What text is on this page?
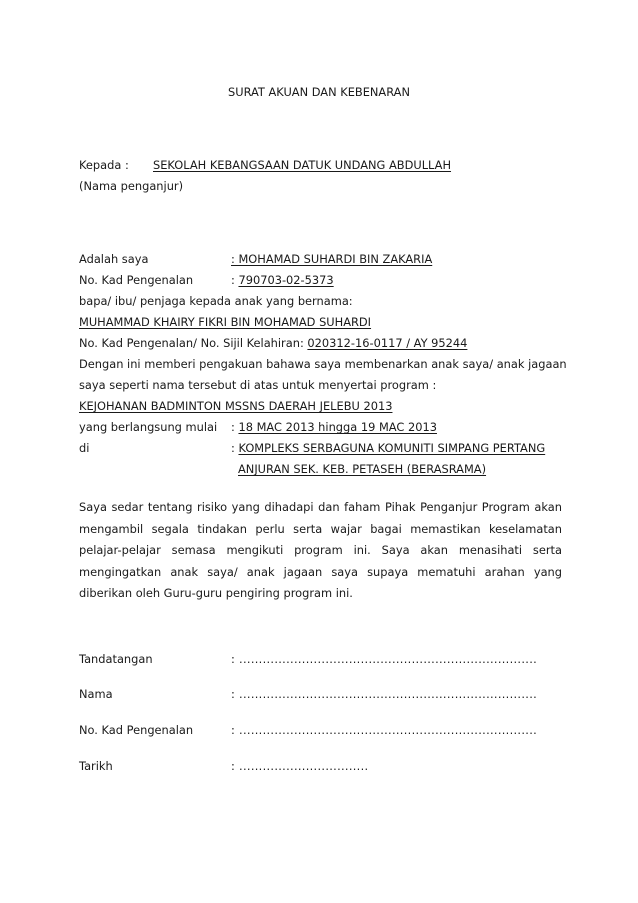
SURAT AKUAN DAN KEBENARAN
Kepada : SEKOLAH KEBANGSAAN DATUK UNDANG ABDULLAH
(Nama penganjur)
Adalah saya	: MOHAMAD SUHARDI BIN ZAKARIA
No. Kad Pengenalan	: 790703-02-5373
bapa/ ibu/ penjaga kepada anak yang bernama:
MUHAMMAD KHAIRY FIKRI BIN MOHAMAD SUHARDI
No. Kad Pengenalan/ No. Sijil Kelahiran: 020312-16-0117 / AY 95244
Dengan ini memberi pengakuan bahawa saya membenarkan anak saya/ anak jagaan
saya seperti nama tersebut di atas untuk menyertai program :
KEJOHANAN BADMINTON MSSNS DAERAH JELEBU 2013
yang berlangsung mulai : 18 MAC 2013 hingga 19 MAC 2013
di	: KOMPLEKS SERBAGUNA KOMUNITI SIMPANG PERTANG
ANJURAN SEK. KEB. PETASEH (BERASRAMA)
Saya sedar tentang risiko yang dihadapi dan faham Pihak Penganjur Program akan mengambil segala tindakan perlu serta wajar bagai memastikan keselamatan pelajar-pelajar semasa mengikuti program ini. Saya akan menasihati serta mengingatkan anak saya/ anak jagaan saya supaya mematuhi arahan yang diberikan oleh Guru-guru pengiring program ini.
Tandatangan	: ............................................................................
Nama	: ............................................................................
No. Kad Pengenalan	: ............................................................................
Tarikh	: .................................
